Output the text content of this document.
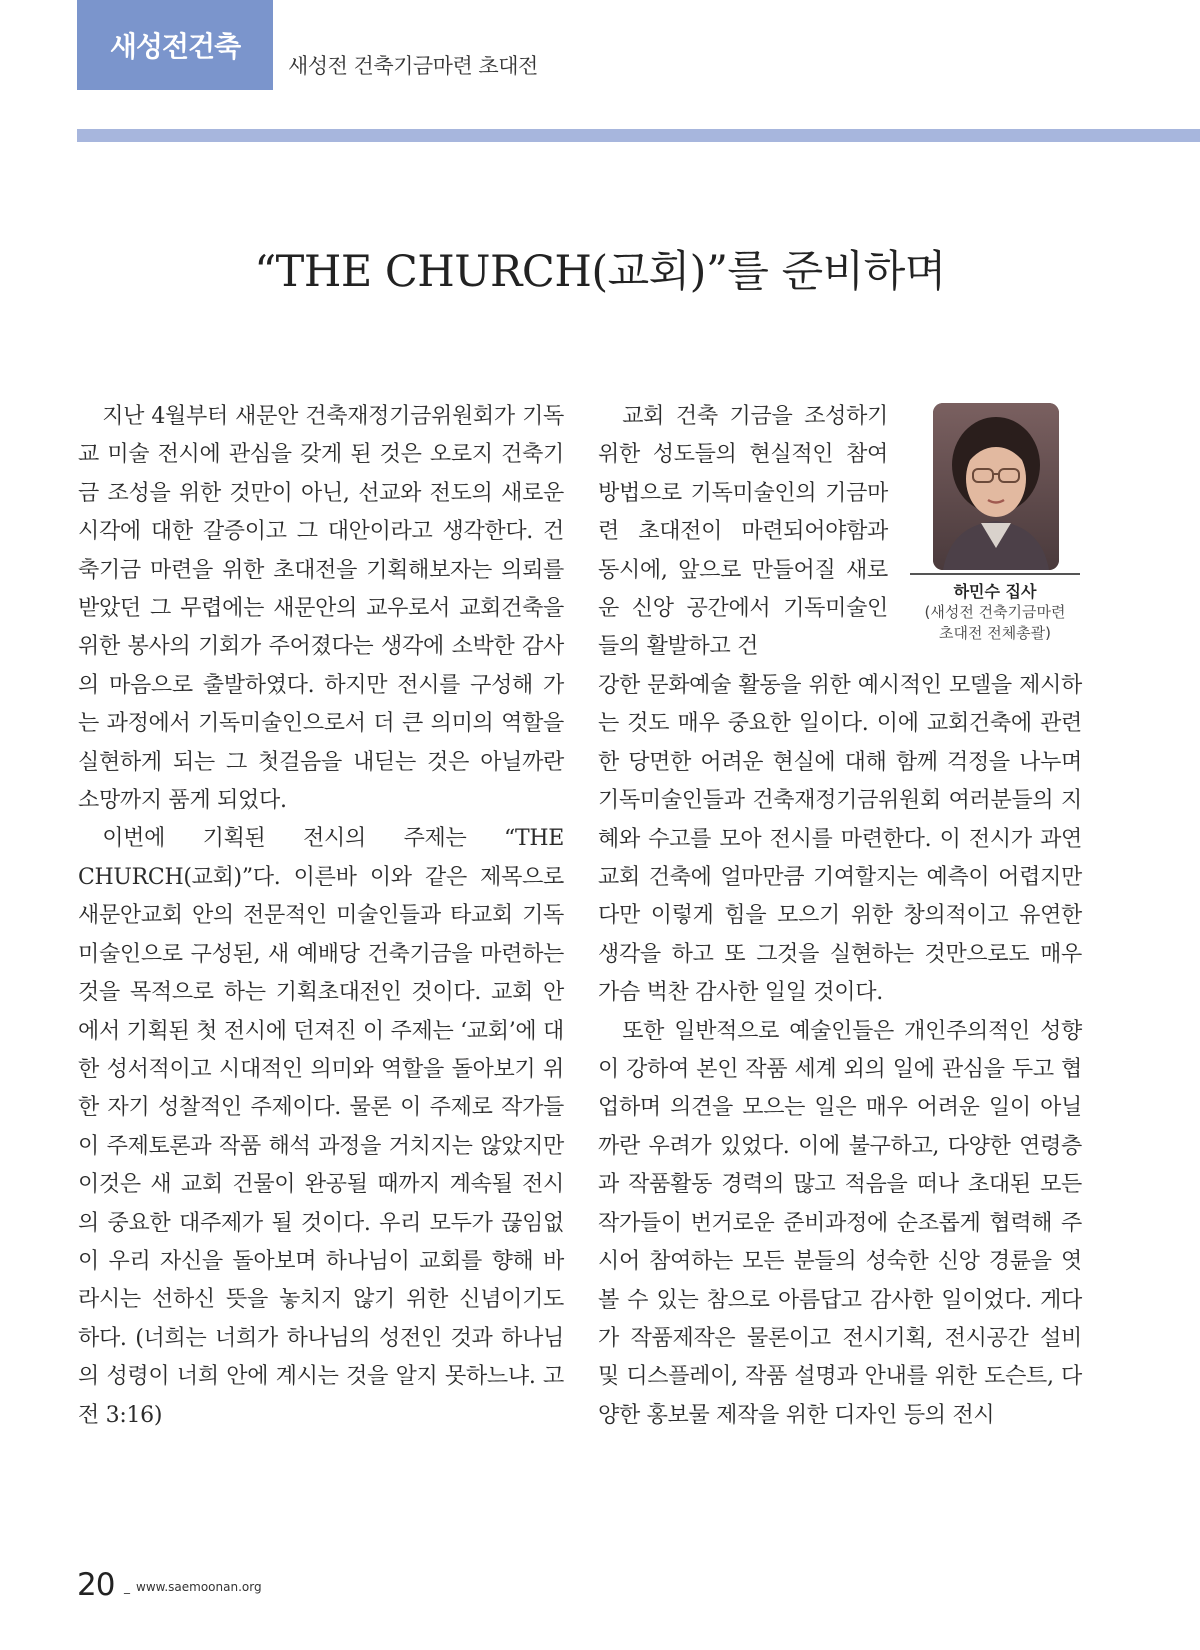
새성전건축
새성전 건축기금마련 초대전
“THE CHURCH(교회)”를 준비하며

지난 4월부터 새문안 건축재정기금위원회가 기독교 미술 전시에 관심을 갖게 된 것은 오로지 건축기금 조성을 위한 것만이 아닌, 선교와 전도의 새로운 시각에 대한 갈증이고 그 대안이라고 생각한다. 건축기금 마련을 위한 초대전을 기획해보자는 의뢰를 받았던 그 무렵에는 새문안의 교우로서 교회건축을 위한 봉사의 기회가 주어졌다는 생각에 소박한 감사의 마음으로 출발하였다. 하지만 전시를 구성해 가는 과정에서 기독미술인으로서 더 큰 의미의 역할을 실현하게 되는 그 첫걸음을 내딛는 것은 아닐까란 소망까지 품게 되었다.

이번에 기획된 전시의 주제는 “THE CHURCH(교회)”다. 이른바 이와 같은 제목으로 새문안교회 안의 전문적인 미술인들과 타교회 기독미술인으로 구성된, 새 예배당 건축기금을 마련하는 것을 목적으로 하는 기획초대전인 것이다. 교회 안에서 기획된 첫 전시에 던져진 이 주제는 ‘교회’에 대한 성서적이고 시대적인 의미와 역할을 돌아보기 위한 자기 성찰적인 주제이다. 물론 이 주제로 작가들이 주제토론과 작품 해석 과정을 거치지는 않았지만 이것은 새 교회 건물이 완공될 때까지 계속될 전시의 중요한 대주제가 될 것이다. 우리 모두가 끊임없이 우리 자신을 돌아보며 하나님이 교회를 향해 바라시는 선하신 뜻을 놓치지 않기 위한 신념이기도 하다. (너희는 너희가 하나님의 성전인 것과 하나님의 성령이 너희 안에 계시는 것을 알지 못하느냐. 고전 3:16)

교회 건축 기금을 조성하기 위한 성도들의 현실적인 참여방법으로 기독미술인의 기금마련 초대전이 마련되어야함과 동시에, 앞으로 만들어질 새로운 신앙 공간에서 기독미술인들의 활발하고 건

하민수 집사
(새성전 건축기금마련
초대전 전체총괄)

강한 문화예술 활동을 위한 예시적인 모델을 제시하는 것도 매우 중요한 일이다. 이에 교회건축에 관련한 당면한 어려운 현실에 대해 함께 걱정을 나누며 기독미술인들과 건축재정기금위원회 여러분들의 지혜와 수고를 모아 전시를 마련한다. 이 전시가 과연 교회 건축에 얼마만큼 기여할지는 예측이 어렵지만 다만 이렇게 힘을 모으기 위한 창의적이고 유연한 생각을 하고 또 그것을 실현하는 것만으로도 매우 가슴 벅찬 감사한 일일 것이다.

또한 일반적으로 예술인들은 개인주의적인 성향이 강하여 본인 작품 세계 외의 일에 관심을 두고 협업하며 의견을 모으는 일은 매우 어려운 일이 아닐까란 우려가 있었다. 이에 불구하고, 다양한 연령층과 작품활동 경력의 많고 적음을 떠나 초대된 모든 작가들이 번거로운 준비과정에 순조롭게 협력해 주시어 참여하는 모든 분들의 성숙한 신앙 경륜을 엿볼 수 있는 참으로 아름답고 감사한 일이었다. 게다가 작품제작은 물론이고 전시기획, 전시공간 설비 및 디스플레이, 작품 설명과 안내를 위한 도슨트, 다양한 홍보물 제작을 위한 디자인 등의 전시

20 _ www.saemoonan.org
